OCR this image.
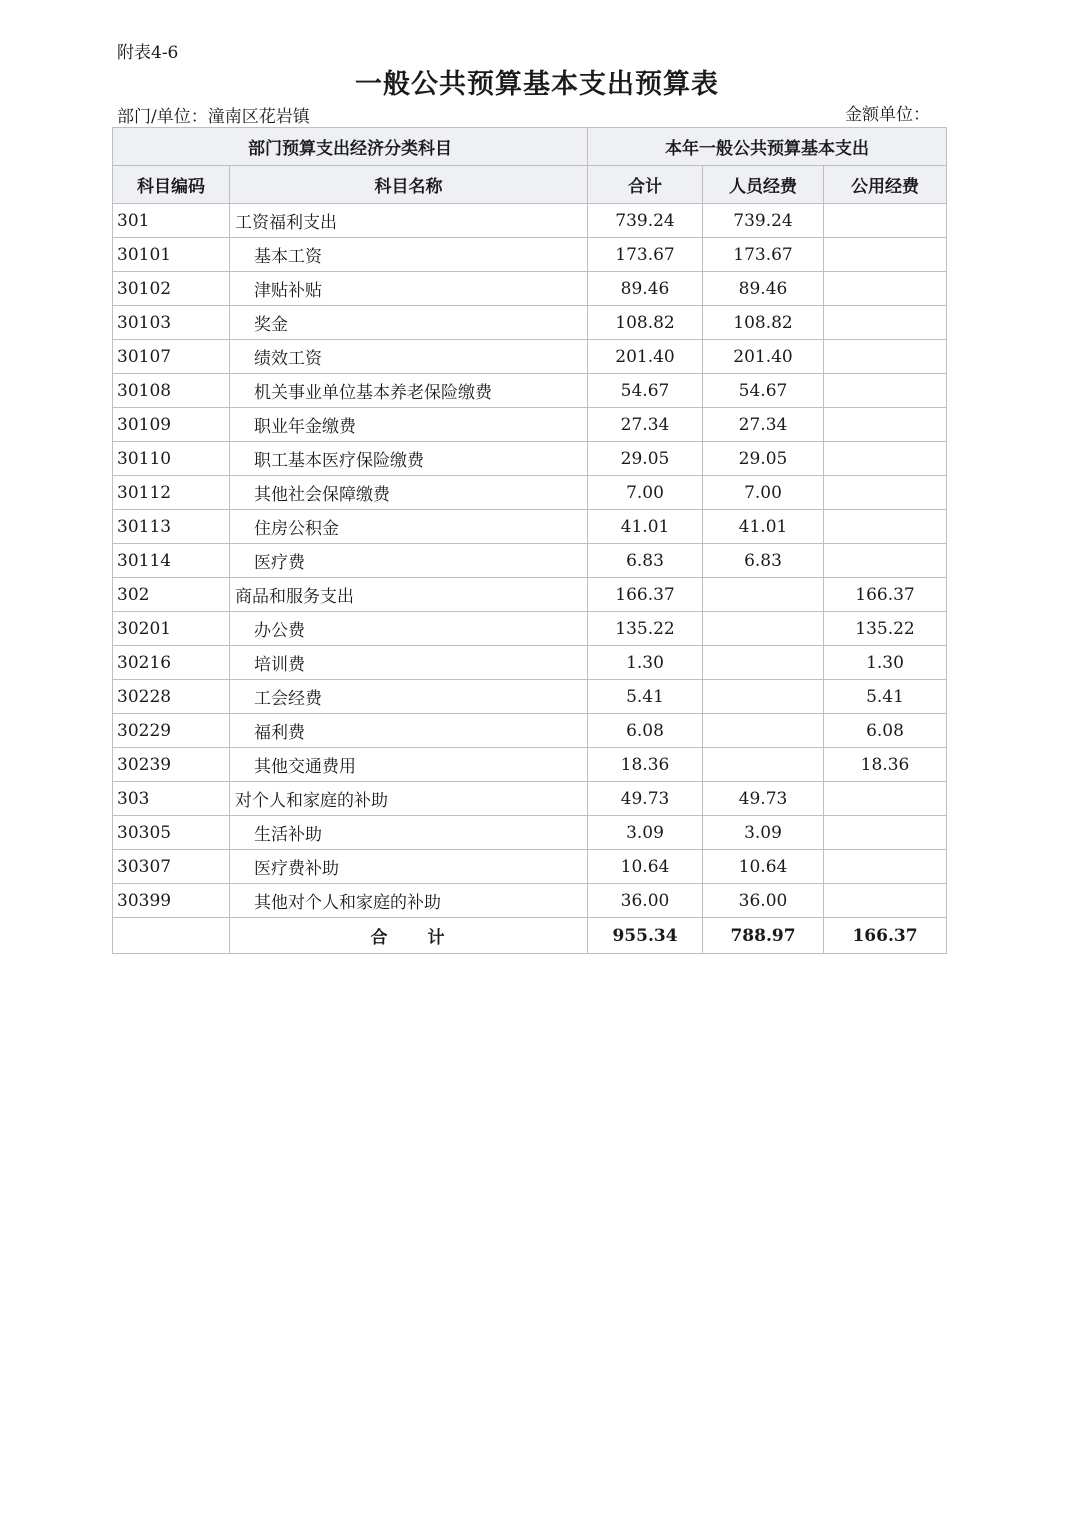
附表4-6
一般公共预算基本支出预算表
部门/单位：潼南区花岩镇	金额单位：
部门预算支出经济分类科目		本年一般公共预算基本支出		
科目编码	科目名称	合计	人员经费	公用经费
301	工资福利支出	739.24	739.24	
30101	基本工资	173.67	173.67	
30102	津贴补贴	89.46	89.46	
30103	奖金	108.82	108.82	
30107	绩效工资	201.40	201.40	
30108	机关事业单位基本养老保险缴费	54.67	54.67	
30109	职业年金缴费	27.34	27.34	
30110	职工基本医疗保险缴费	29.05	29.05	
30112	其他社会保障缴费	7.00	7.00	
30113	住房公积金	41.01	41.01	
30114	医疗费	6.83	6.83	
302	商品和服务支出	166.37		166.37
30201	办公费	135.22		135.22
30216	培训费	1.30		1.30
30228	工会经费	5.41		5.41
30229	福利费	6.08		6.08
30239	其他交通费用	18.36		18.36
303	对个人和家庭的补助	49.73	49.73	
30305	生活补助	3.09	3.09	
30307	医疗费补助	10.64	10.64	
30399	其他对个人和家庭的补助	36.00	36.00	
	合　　计	955.34	788.97	166.37
